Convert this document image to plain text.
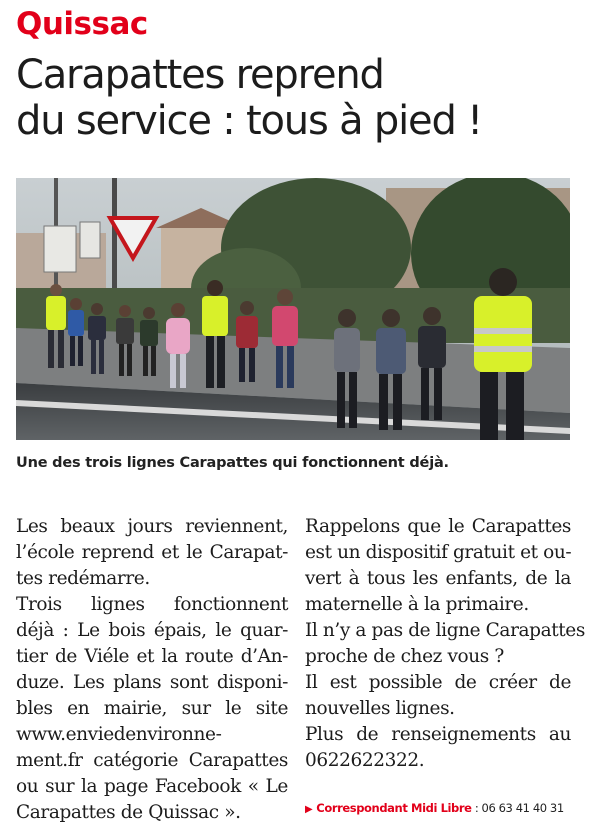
Quissac
Carapattes reprend
du service : tous à pied !
Une des trois lignes Carapattes qui fonctionnent déjà.
Les beaux jours reviennent,
l’école reprend et le Carapat-
tes redémarre.
Trois lignes fonctionnent
déjà : Le bois épais, le quar-
tier de Viéle et la route d’An-
duze. Les plans sont disponi-
bles en mairie, sur le site
www.enviedenvironne-
ment.fr catégorie Carapattes
ou sur la page Facebook « Le
Carapattes de Quissac ».
Rappelons que le Carapattes
est un dispositif gratuit et ou-
vert à tous les enfants, de la
maternelle à la primaire.
Il n’y a pas de ligne Carapattes
proche de chez vous ?
Il est possible de créer de
nouvelles lignes.
Plus de renseignements au
0622622322.
▶ Correspondant Midi Libre : 06 63 41 40 31
